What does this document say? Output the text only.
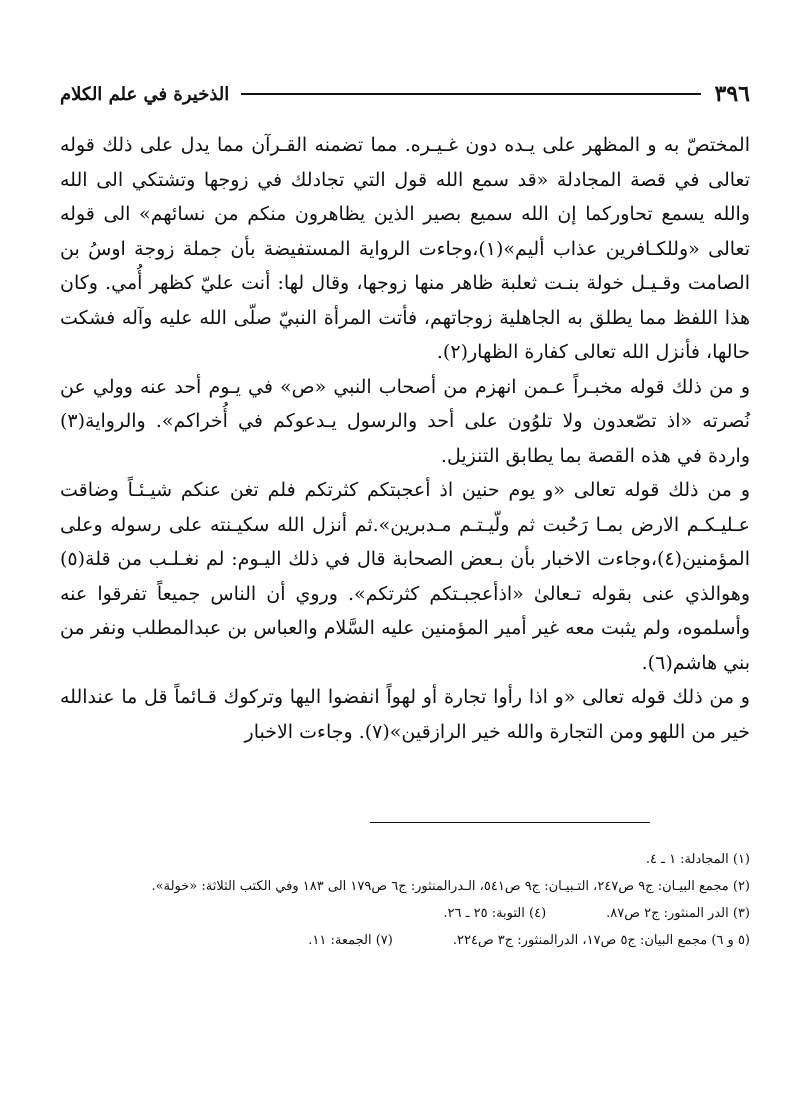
٣٩٦
الذخيرة في علم الكلام

المختصّ به و المظهر على يـده دون غـيـره. مما تضمنه القـرآن مما يدل على ذلك قوله تعالى في قصة المجادلة «قد سمع الله قول التي تجادلك في زوجها وتشتكي الى الله والله يسمع تحاوركما إن الله سميع بصير الذين يظاهرون منكم من نسائهم» الى قوله تعالى «وللكـافرين عذاب أليم»(١)،وجاءت الرواية المستفيضة بأن جملة زوجة اوسُ بن الصامت وقـيـل خولة بنـت ثعلبة ظاهر منها زوجها، وقال لها: أنت عليّ كظهر أُمي. وكان هذا اللفظ مما يطلق به الجاهلية زوجاتهم، فأتت المرأة النبيّ صلّى الله عليه وآله فشكت حالها، فأنزل الله تعالى كفارة الظهار(٢).

و من ذلك قوله مخبـراً عـمن انهزم من أصحاب النبي «ص» في يـوم أحد عنه وولي عن نُصرته «اذ تصّعدون ولا تلوُون على أحد والرسول يـدعوكم في أُخراكم». والرواية(٣) واردة في هذه القصة بما يطابق التنزيل.

و من ذلك قوله تعالى «و يوم حنين اذ أعجبتكم كثرتكم فلم تغن عنكم شيـئـاً وضاقت عـليـكـم الارض بمـا رَحُبت ثم ولّيـتـم مـدبرين».ثم أنزل الله سكيـنته على رسوله وعلى المؤمنين(٤)،وجاءت الاخبار بأن بـعض الصحابة قال في ذلك اليـوم: لم نغـلـب من قلة(٥) وهوالذي عنى بقوله تـعالىٰ «اذأعجبـتكم كثرتكم». وروي أن الناس جميعاً تفرقوا عنه وأسلموه، ولم يثبت معه غير أمير المؤمنين عليه السَّلام والعباس بن عبدالمطلب ونفر من بني هاشم(٦).

و من ذلك قوله تعالى «و اذا رأوا تجارة أو لهواً انفضوا اليها وتركوك قـائماً قل ما عندالله خير من اللهو ومن التجارة والله خير الرازقين»(٧). وجاءت الاخبار

(١) المجادلة: ١ ـ ٤.

(٢) مجمع البيـان: ج٩ ص٢٤٧، التـبيـان: ج٩ ص٥٤١، الـدرالمنثور: ج٦ ص١٧٩ الى ١٨٣ وفي الكتب الثلاثة: «خولة».

(٣) الدر المنثور: ج٢ ص٨٧.

(٤) التوبة: ٢٥ ـ ٢٦.

(٥ و ٦) مجمع البيان: ج٥ ص١٧، الدرالمنثور: ج٣ ص٢٢٤.

(٧) الجمعة: ١١.
